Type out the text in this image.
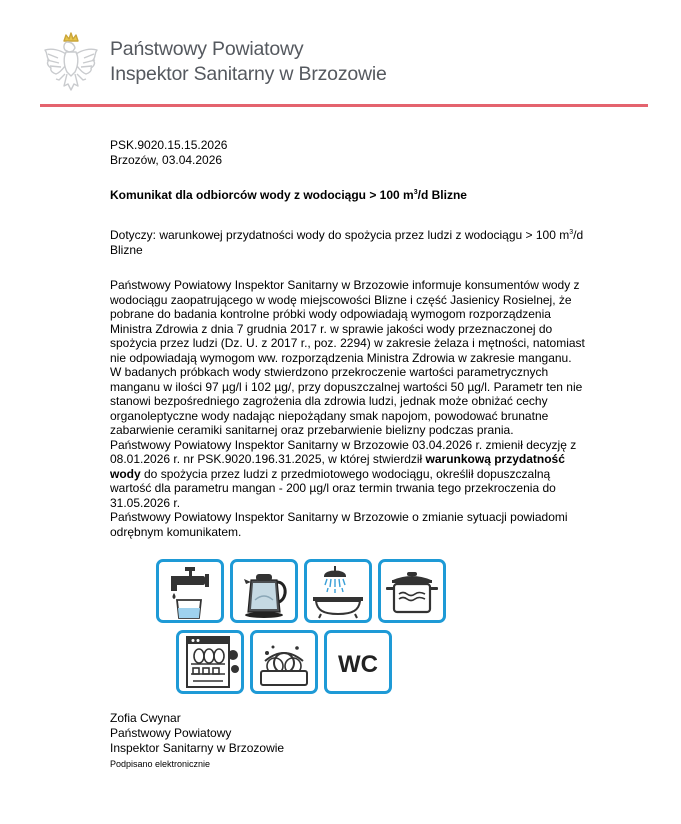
Państwowy Powiatowy
Inspektor Sanitarny w Brzozowie
PSK.9020.15.15.2026
Brzozów, 03.04.2026
Komunikat dla odbiorców wody z wodociągu > 100 $m^3/d$ Blizne
Dotyczy: warunkowej przydatności wody do spożycia przez ludzi z wodociągu > 100 $m^3/d$
Blizne

Państwowy Powiatowy Inspektor Sanitarny w Brzozowie informuje konsumentów wody z wodociągu zaopatrującego w wodę miejscowości Blizne i część Jasienicy Rosielnej, że pobrane do badania kontrolne próbki wody odpowiadają wymogom rozporządzenia Ministra Zdrowia z dnia 7 grudnia 2017 r. w sprawie jakości wody przeznaczonej do spożycia przez ludzi (Dz. U. z 2017 r., poz. 2294) w zakresie żelaza i mętności, natomiast nie odpowiadają wymogom ww. rozporządzenia Ministra Zdrowia w zakresie manganu.

W badanych próbkach wody stwierdzono przekroczenie wartości parametrycznych manganu w ilości 97 µg/l i 102 µg/, przy dopuszczalnej wartości 50 µg/l. Parametr ten nie stanowi bezpośredniego zagrożenia dla zdrowia ludzi, jednak może obniżać cechy organoleptyczne wody nadając niepożądany smak napojom, powodować brunatne zabarwienie ceramiki sanitarnej oraz przebarwienie bielizny podczas prania.

Państwowy Powiatowy Inspektor Sanitarny w Brzozowie 03.04.2026 r. zmienił decyzję z 08.01.2026 r. nr PSK.9020.196.31.2025, w której stwierdził warunkową przydatność wody do spożycia przez ludzi z przedmiotowego wodociągu, określił dopuszczalną wartość dla parametru mangan - 200 µg/l oraz termin trwania tego przekroczenia do 31.05.2026 r.

Państwowy Powiatowy Inspektor Sanitarny w Brzozowie o zmianie sytuacji powiadomi odrębnym komunikatem.

WC
Zofia Cwynar
Państwowy Powiatowy
Inspektor Sanitarny w Brzozowie
Podpisano elektronicznie
